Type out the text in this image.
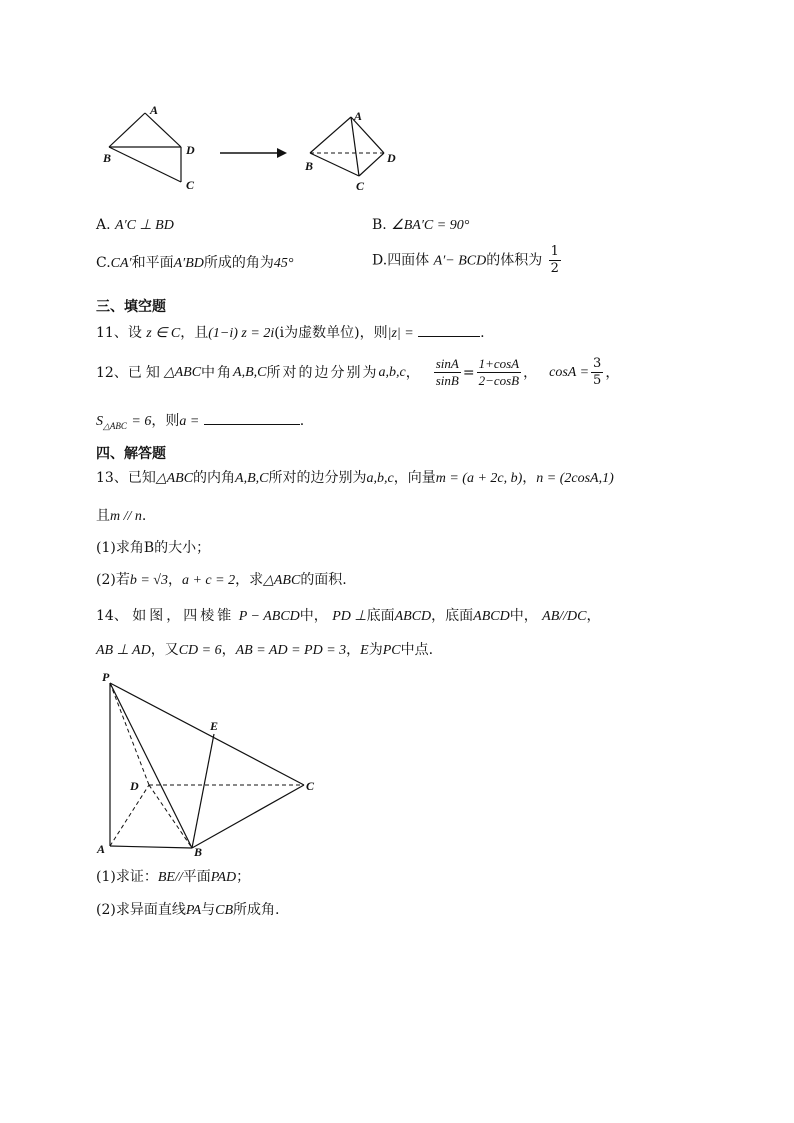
A
B
D
C
A
B
D
C
A. A′C ⊥ BD	B. ∠BA′C = 90°
C.CA′和平面A′BD所成的角为45°	D.四面体 A′− BCD的体积为 $\frac{1}{2}$
三、填空题
11、设 z ∈ C，且(1−i) z = 2i(i为虚数单位)，则|z| =	.
12、 已知 △ABC 中角 A,B,C 所对的边分别为 a,b,c ， $\frac{\sin A}{\sin B} = \frac{1+\cos A}{2-\cos B}$ ， $\cos A = \frac{3}{5}$ ，
$S_{\triangle ABC} = 6$，则a =	.
四、解答题
13、已知△ABC的内角A,B,C所对的边分别为a,b,c，向量m = (a + 2c, b)，n = (2cosA,1)
且m // n.
(1)求角B的大小；
(2)若b = √3，a + c = 2，求△ABC的面积.
14、 如图，四棱锥 P − ABCD中， PD ⊥底面ABCD，底面ABCD中， AB//DC，
AB ⊥ AD，又CD = 6，AB = AD = PD = 3，E为PC中点.
P
E
D	C
A	B
(1)求证：BE//平面PAD；
(2)求异面直线PA与CB所成角.
